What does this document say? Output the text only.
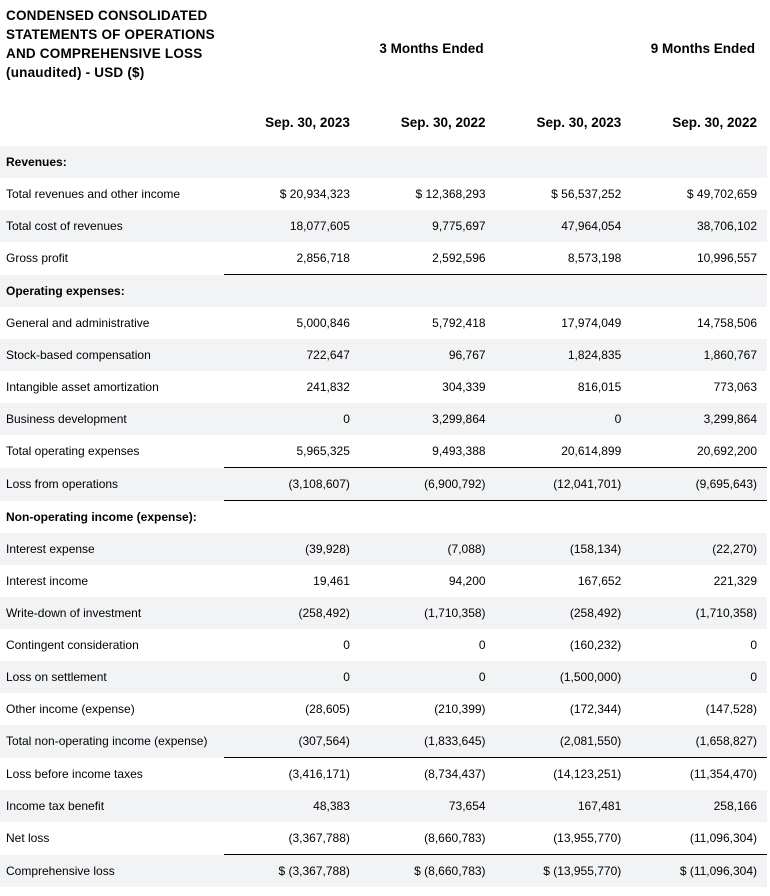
CONDENSED CONSOLIDATED STATEMENTS OF OPERATIONS AND COMPREHENSIVE LOSS (unaudited) - USD ($)	3 Months Ended		9 Months Ended	
	Sep. 30, 2023	Sep. 30, 2022	Sep. 30, 2023	Sep. 30, 2022
Revenues:				
Total revenues and other income	$ 20,934,323	$ 12,368,293	$ 56,537,252	$ 49,702,659
Total cost of revenues	18,077,605	9,775,697	47,964,054	38,706,102
Gross profit	2,856,718	2,592,596	8,573,198	10,996,557
Operating expenses:				
General and administrative	5,000,846	5,792,418	17,974,049	14,758,506
Stock-based compensation	722,647	96,767	1,824,835	1,860,767
Intangible asset amortization	241,832	304,339	816,015	773,063
Business development	0	3,299,864	0	3,299,864
Total operating expenses	5,965,325	9,493,388	20,614,899	20,692,200
Loss from operations	(3,108,607)	(6,900,792)	(12,041,701)	(9,695,643)
Non-operating income (expense):				
Interest expense	(39,928)	(7,088)	(158,134)	(22,270)
Interest income	19,461	94,200	167,652	221,329
Write-down of investment	(258,492)	(1,710,358)	(258,492)	(1,710,358)
Contingent consideration	0	0	(160,232)	0
Loss on settlement	0	0	(1,500,000)	0
Other income (expense)	(28,605)	(210,399)	(172,344)	(147,528)
Total non-operating income (expense)	(307,564)	(1,833,645)	(2,081,550)	(1,658,827)
Loss before income taxes	(3,416,171)	(8,734,437)	(14,123,251)	(11,354,470)
Income tax benefit	48,383	73,654	167,481	258,166
Net loss	(3,367,788)	(8,660,783)	(13,955,770)	(11,096,304)
Comprehensive loss	$ (3,367,788)	$ (8,660,783)	$ (13,955,770)	$ (11,096,304)
